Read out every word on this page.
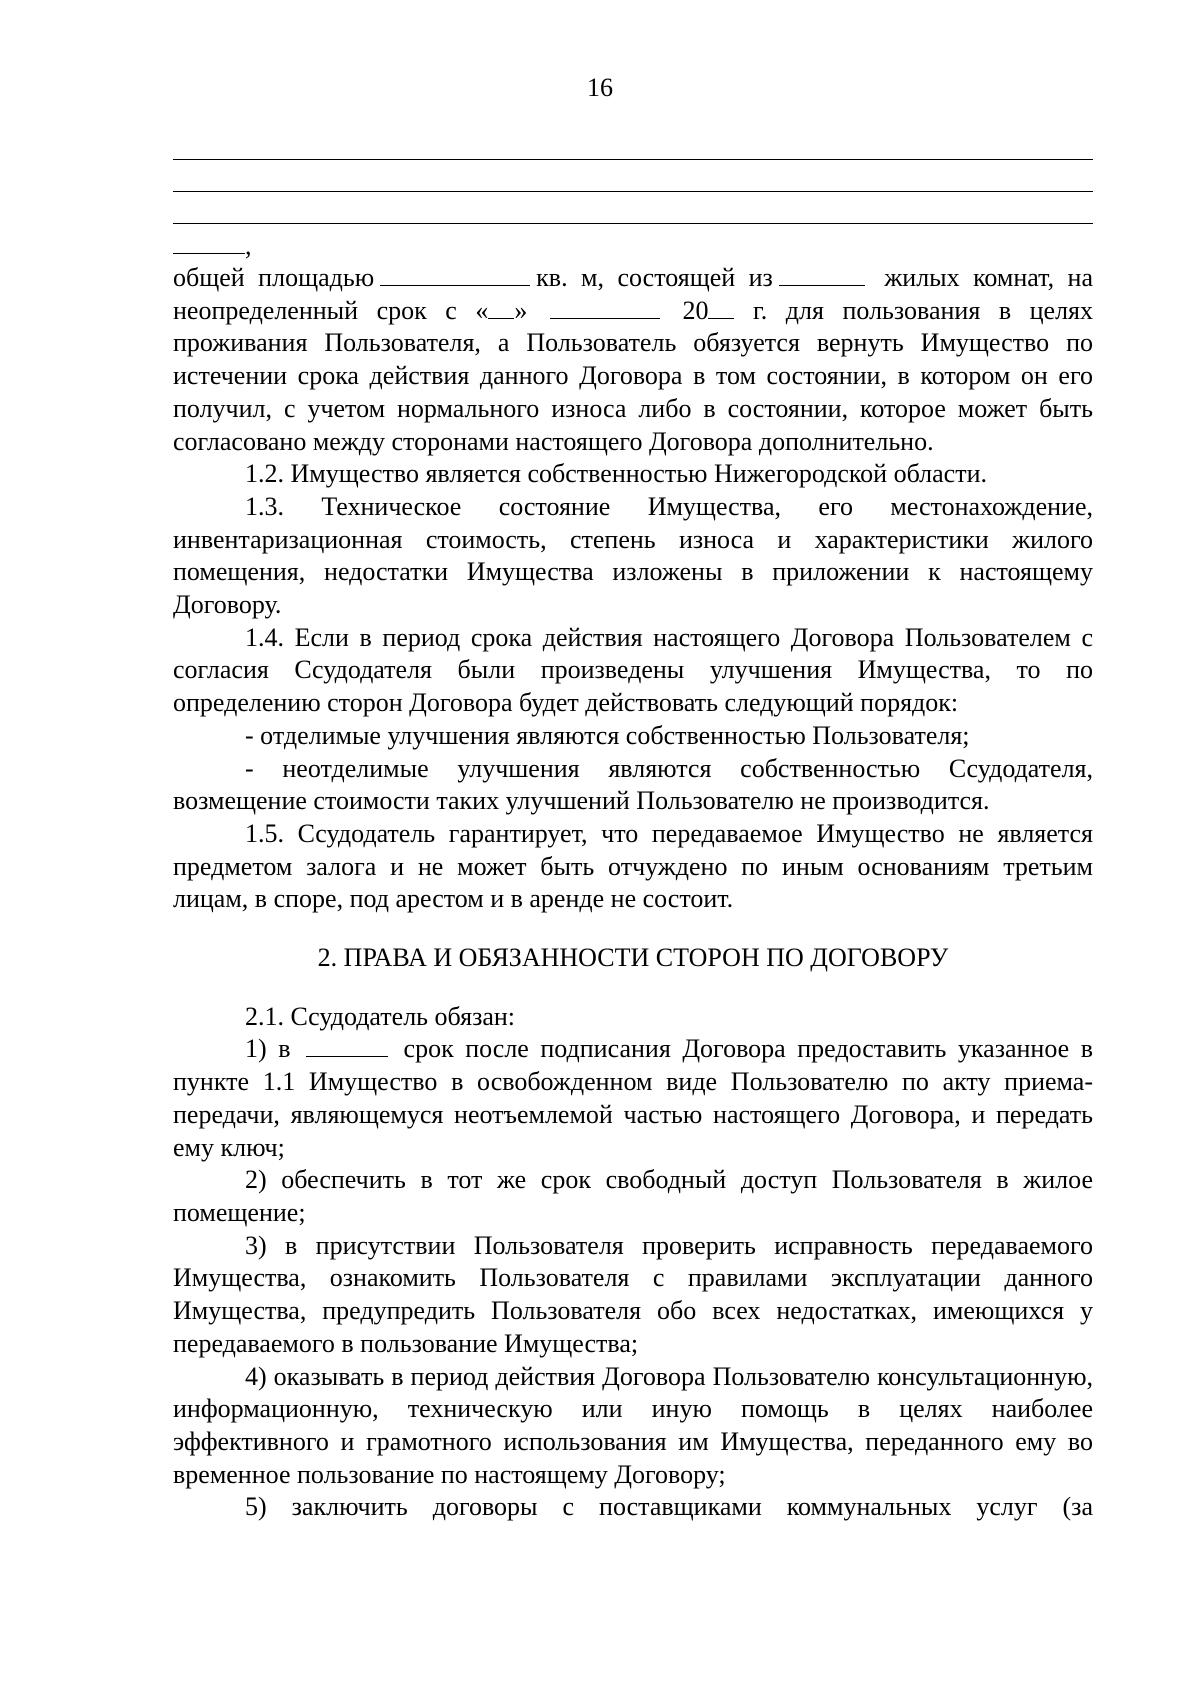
16
,

общей площадью	кв. м, состоящей из	жилых комнат, на неопределенный срок с « »	20 г. для пользования в целях проживания Пользователя, а Пользователь обязуется вернуть Имущество по истечении срока действия данного Договора в том состоянии, в котором он его получил, с учетом нормального износа либо в состоянии, которое может быть согласовано между сторонами настоящего Договора дополнительно.

1.2. Имущество является собственностью Нижегородской области.

1.3. Техническое состояние Имущества, его местонахождение, инвентаризационная стоимость, степень износа и характеристики жилого помещения, недостатки Имущества изложены в приложении к настоящему Договору.

1.4. Если в период срока действия настоящего Договора Пользователем с согласия Ссудодателя были произведены улучшения Имущества, то по определению сторон Договора будет действовать следующий порядок:

- отделимые улучшения являются собственностью Пользователя;

- неотделимые улучшения являются собственностью Ссудодателя, возмещение стоимости таких улучшений Пользователю не производится.

1.5. Ссудодатель гарантирует, что передаваемое Имущество не является предметом залога и не может быть отчуждено по иным основаниям третьим лицам, в споре, под арестом и в аренде не состоит.

2. ПРАВА И ОБЯЗАННОСТИ СТОРОН ПО ДОГОВОРУ

2.1. Ссудодатель обязан:

1) в	срок после подписания Договора предоставить указанное в пункте 1.1 Имущество в освобожденном виде Пользователю по акту приема-передачи, являющемуся неотъемлемой частью настоящего Договора, и передать ему ключ;

2) обеспечить в тот же срок свободный доступ Пользователя в жилое помещение;

3) в присутствии Пользователя проверить исправность передаваемого Имущества, ознакомить Пользователя с правилами эксплуатации данного Имущества, предупредить Пользователя обо всех недостатках, имеющихся у передаваемого в пользование Имущества;

4) оказывать в период действия Договора Пользователю консультационную, информационную, техническую или иную помощь в целях наиболее эффективного и грамотного использования им Имущества, переданного ему во временное пользование по настоящему Договору;

5) заключить договоры с поставщиками коммунальных услуг (за
